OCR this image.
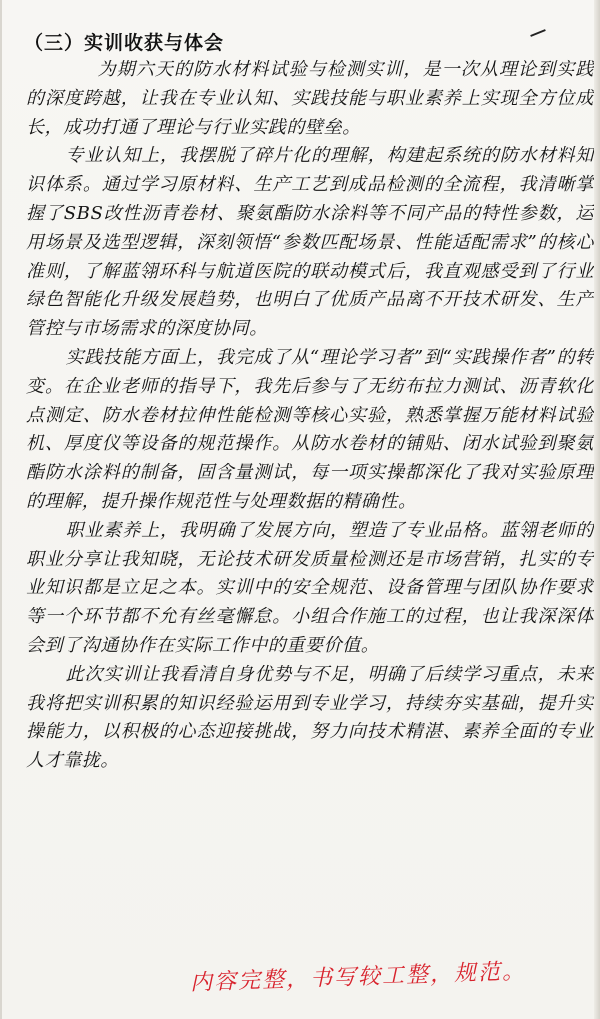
（三）实训收获与体会

为期六天的防水材料试验与检测实训，是一次从理论到实践的深度跨越，让我在专业认知、实践技能与职业素养上实现全方位成长，成功打通了理论与行业实践的壁垒。

专业认知上，我摆脱了碎片化的理解，构建起系统的防水材料知识体系。通过学习原材料、生产工艺到成品检测的全流程，我清晰掌握了SBS改性沥青卷材、聚氨酯防水涂料等不同产品的特性参数，运用场景及选型逻辑，深刻领悟“参数匹配场景、性能适配需求”的核心准则，了解蓝翎环科与航道医院的联动模式后，我直观感受到了行业绿色智能化升级发展趋势，也明白了优质产品离不开技术研发、生产管控与市场需求的深度协同。

实践技能方面上，我完成了从“理论学习者”到“实践操作者”的转变。在企业老师的指导下，我先后参与了无纺布拉力测试、沥青软化点测定、防水卷材拉伸性能检测等核心实验，熟悉掌握万能材料试验机、厚度仪等设备的规范操作。从防水卷材的铺贴、闭水试验到聚氨酯防水涂料的制备，固含量测试，每一项实操都深化了我对实验原理的理解，提升操作规范性与处理数据的精确性。

职业素养上，我明确了发展方向，塑造了专业品格。蓝翎老师的职业分享让我知晓，无论技术研发质量检测还是市场营销，扎实的专业知识都是立足之本。实训中的安全规范、设备管理与团队协作要求等一个环节都不允有丝毫懈怠。小组合作施工的过程，也让我深深体会到了沟通协作在实际工作中的重要价值。

此次实训让我看清自身优势与不足，明确了后续学习重点，未来我将把实训积累的知识经验运用到专业学习，持续夯实基础，提升实操能力，以积极的心态迎接挑战，努力向技术精湛、素养全面的专业人才靠拢。

内容完整，书写较工整，规范。
